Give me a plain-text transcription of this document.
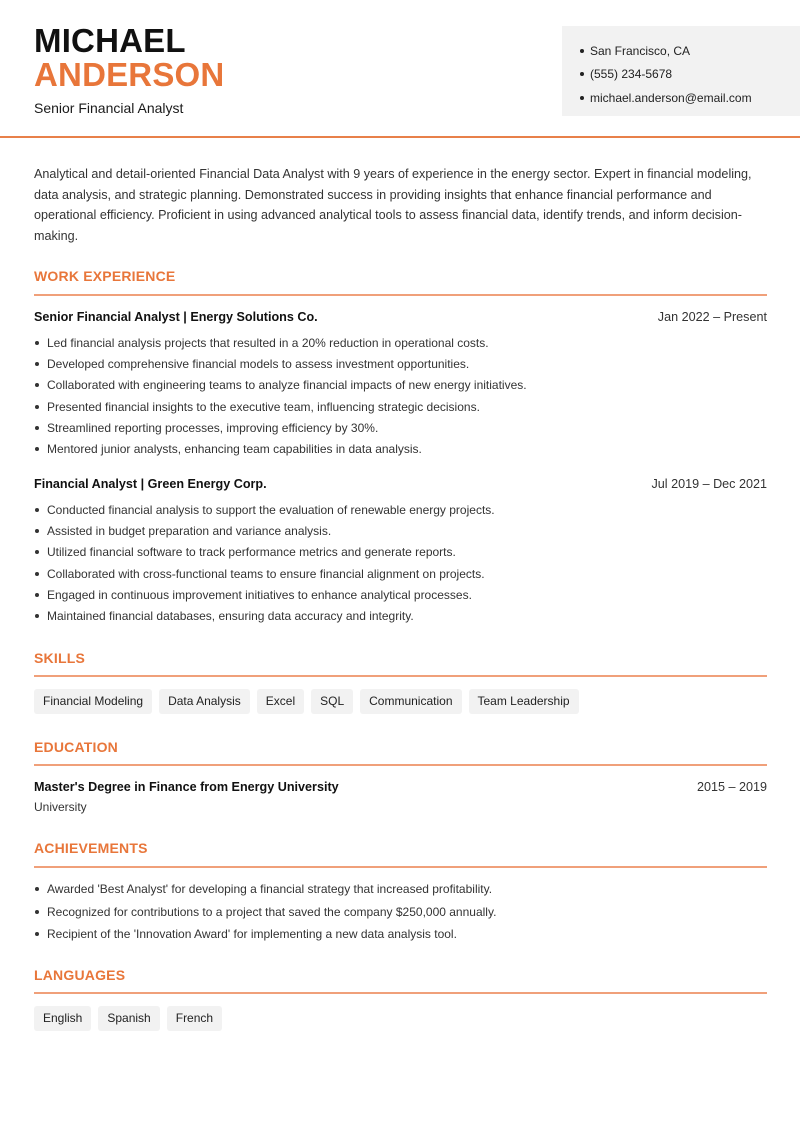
MICHAEL
ANDERSON
Senior Financial Analyst
San Francisco, CA
(555) 234-5678
michael.anderson@email.com

Analytical and detail-oriented Financial Data Analyst with 9 years of experience in the energy sector. Expert in financial modeling, data analysis, and strategic planning. Demonstrated success in providing insights that enhance financial performance and operational efficiency. Proficient in using advanced analytical tools to assess financial data, identify trends, and inform decision-making.

WORK EXPERIENCE
Senior Financial Analyst | Energy Solutions Co.	Jan 2022 – Present
Led financial analysis projects that resulted in a 20% reduction in operational costs.
Developed comprehensive financial models to assess investment opportunities.
Collaborated with engineering teams to analyze financial impacts of new energy initiatives.
Presented financial insights to the executive team, influencing strategic decisions.
Streamlined reporting processes, improving efficiency by 30%.
Mentored junior analysts, enhancing team capabilities in data analysis.
Financial Analyst | Green Energy Corp.	Jul 2019 – Dec 2021
Conducted financial analysis to support the evaluation of renewable energy projects.
Assisted in budget preparation and variance analysis.
Utilized financial software to track performance metrics and generate reports.
Collaborated with cross-functional teams to ensure financial alignment on projects.
Engaged in continuous improvement initiatives to enhance analytical processes.
Maintained financial databases, ensuring data accuracy and integrity.
SKILLS
Financial Modeling	Data Analysis	Excel	SQL	Communication	Team Leadership
EDUCATION
Master's Degree in Finance from Energy University	2015 – 2019
University
ACHIEVEMENTS
Awarded 'Best Analyst' for developing a financial strategy that increased profitability.
Recognized for contributions to a project that saved the company $250,000 annually.
Recipient of the 'Innovation Award' for implementing a new data analysis tool.
LANGUAGES
English	Spanish	French
